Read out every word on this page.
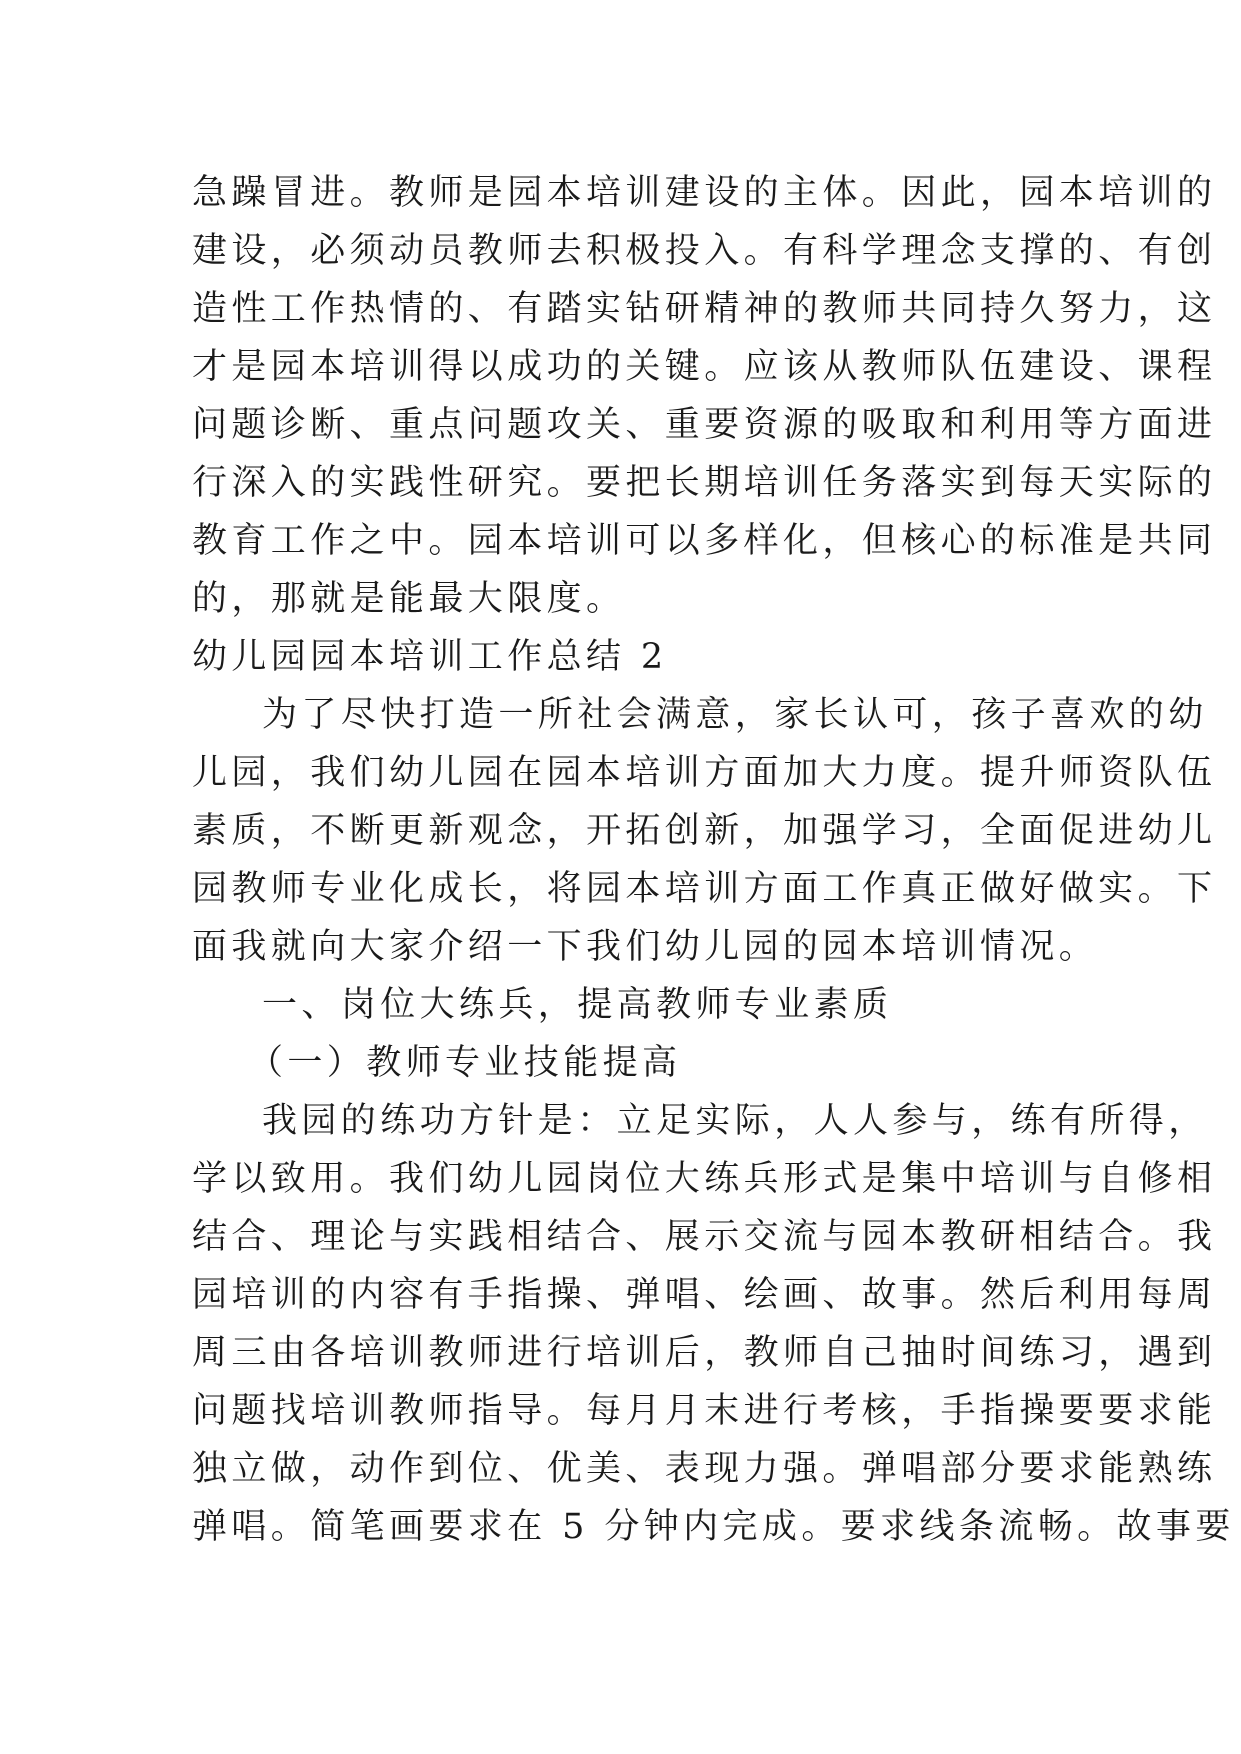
急躁冒进。教师是园本培训建设的主体。因此，园本培训的
建设，必须动员教师去积极投入。有科学理念支撑的、有创
造性工作热情的、有踏实钻研精神的教师共同持久努力，这
才是园本培训得以成功的关键。应该从教师队伍建设、课程
问题诊断、重点问题攻关、重要资源的吸取和利用等方面进
行深入的实践性研究。要把长期培训任务落实到每天实际的
教育工作之中。园本培训可以多样化，但核心的标准是共同
的，那就是能最大限度。
幼儿园园本培训工作总结 2
为了尽快打造一所社会满意，家长认可，孩子喜欢的幼
儿园，我们幼儿园在园本培训方面加大力度。提升师资队伍
素质，不断更新观念，开拓创新，加强学习，全面促进幼儿
园教师专业化成长，将园本培训方面工作真正做好做实。下
面我就向大家介绍一下我们幼儿园的园本培训情况。
一、岗位大练兵，提高教师专业素质
（一）教师专业技能提高
我园的练功方针是：立足实际，人人参与，练有所得，
学以致用。我们幼儿园岗位大练兵形式是集中培训与自修相
结合、理论与实践相结合、展示交流与园本教研相结合。我
园培训的内容有手指操、弹唱、绘画、故事。然后利用每周
周三由各培训教师进行培训后，教师自己抽时间练习，遇到
问题找培训教师指导。每月月末进行考核，手指操要要求能
独立做，动作到位、优美、表现力强。弹唱部分要求能熟练
弹唱。简笔画要求在 5 分钟内完成。要求线条流畅。故事要
